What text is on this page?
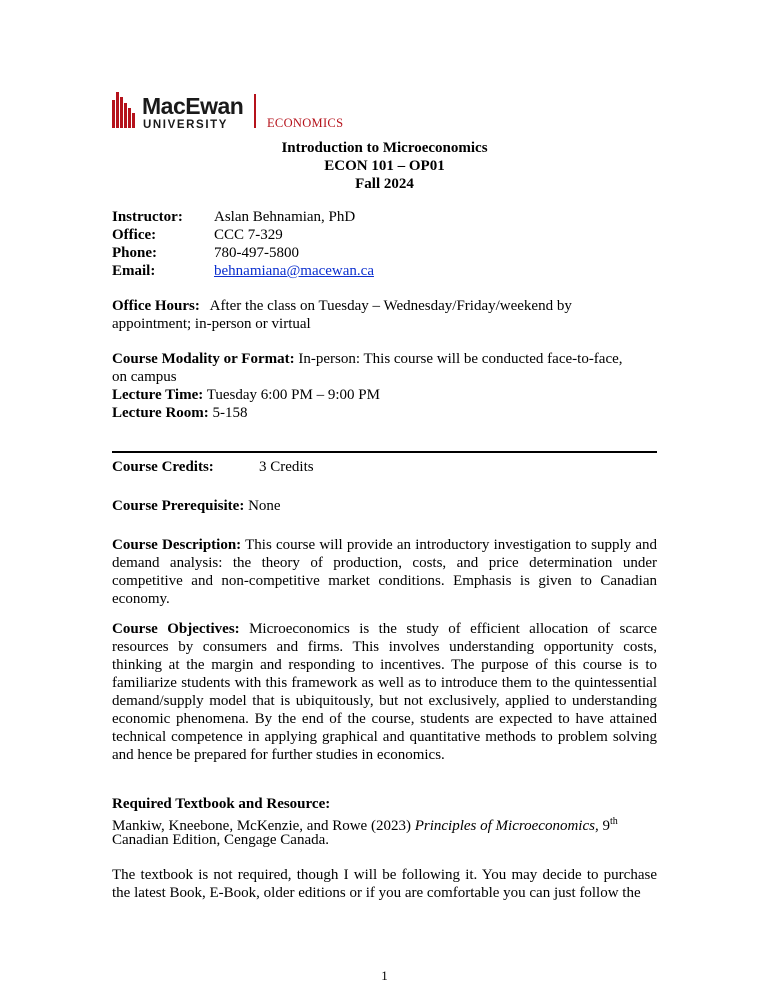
MacEwan
UNIVERSITY	ECONOMICS
Introduction to Microeconomics
ECON 101 – OP01
Fall 2024
Instructor: Aslan Behnamian, PhD
Office:	CCC 7-329
Phone:	780-497-5800
Email:	behnamiana@macewan.ca
Office Hours: After the class on Tuesday – Wednesday/Friday/weekend by
appointment; in-person or virtual
Course Modality or Format: In-person: This course will be conducted face-to-face,
on campus
Lecture Time: Tuesday 6:00 PM – 9:00 PM
Lecture Room: 5-158
Course Credits:	3 Credits
Course Prerequisite: None
Course Description: This course will provide an introductory investigation to supply and demand analysis: the theory of production, costs, and price determination under competitive and non-competitive market conditions. Emphasis is given to Canadian economy.
Course Objectives: Microeconomics is the study of efficient allocation of scarce resources by consumers and firms. This involves understanding opportunity costs, thinking at the margin and responding to incentives. The purpose of this course is to familiarize students with this framework as well as to introduce them to the quintessential demand/supply model that is ubiquitously, but not exclusively, applied to understanding economic phenomena. By the end of the course, students are expected to have attained technical competence in applying graphical and quantitative methods to problem solving and hence be prepared for further studies in economics.
Required Textbook and Resource:
Mankiw, Kneebone, McKenzie, and Rowe (2023) Principles of Microeconomics, 9th
Canadian Edition, Cengage Canada.
The textbook is not required, though I will be following it. You may decide to purchase the latest Book, E-Book, older editions or if you are comfortable you can just follow the
1
